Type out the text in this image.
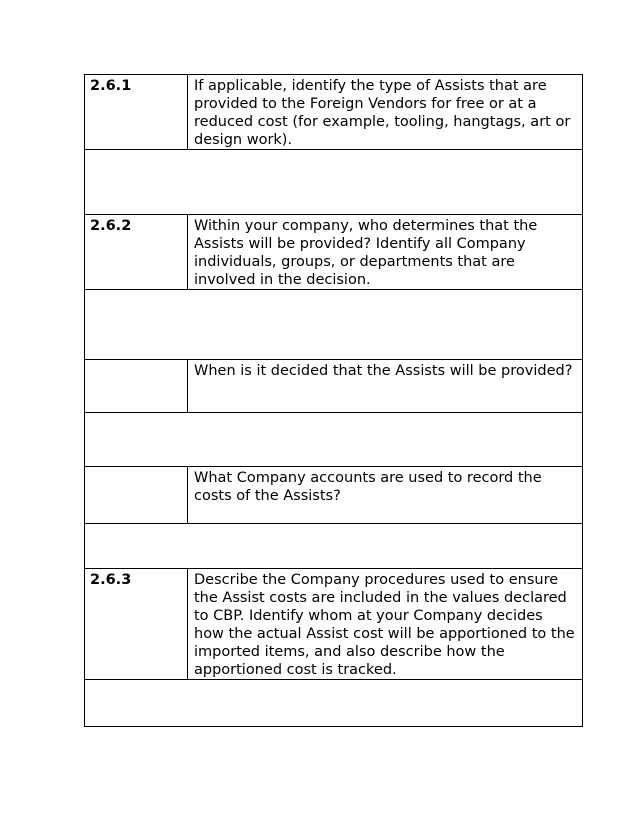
2.6.1	If applicable, identify the type of Assists that are provided to the Foreign Vendors for free or at a reduced cost (for example, tooling, hangtags, art or design work).

2.6.2	Within your company, who determines that the Assists will be provided? Identify all Company individuals, groups, or departments that are involved in the decision.

	When is it decided that the Assists will be provided?

	What Company accounts are used to record the costs of the Assists?

2.6.3	Describe the Company procedures used to ensure the Assist costs are included in the values declared to CBP. Identify whom at your Company decides how the actual Assist cost will be apportioned to the imported items, and also describe how the apportioned cost is tracked.
